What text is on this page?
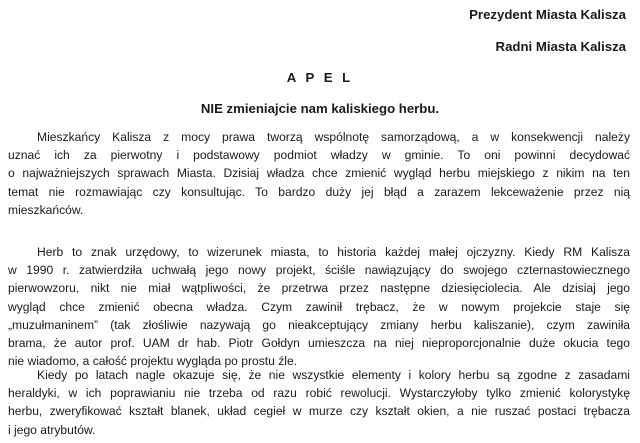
Prezydent Miasta Kalisza
Radni Miasta Kalisza
A P E L
NIE zmieniajcie nam kaliskiego herbu.
Mieszkańcy Kalisza z mocy prawa tworzą wspólnotę samorządową, a w konsekwencji należy
uznać ich za pierwotny i podstawowy podmiot władzy w gminie. To oni powinni decydować
o najważniejszych sprawach Miasta. Dzisiaj władza chce zmienić wygląd herbu miejskiego z nikim na ten
temat nie rozmawiając czy konsultując. To bardzo duży jej błąd a zarazem lekceważenie przez nią
mieszkańców.
Herb to znak urzędowy, to wizerunek miasta, to historia każdej małej ojczyzny. Kiedy RM Kalisza
w 1990 r. zatwierdziła uchwałą jego nowy projekt, ściśle nawiązujący do swojego czternastowiecznego
pierwowzoru, nikt nie miał wątpliwości, że przetrwa przez następne dziesięciolecia. Ale dzisiaj jego
wygląd chce zmienić obecna władza. Czym zawinił trębacz, że w nowym projekcie staje się
„muzułmaninem” (tak złośliwie nazywają go nieakceptujący zmiany herbu kaliszanie), czym zawiniła
brama, że autor prof. UAM dr hab. Piotr Gołdyn umieszcza na niej nieproporcjonalnie duże okucia tego
nie wiadomo, a całość projektu wygląda po prostu źle.
Kiedy po latach nagle okazuje się, że nie wszystkie elementy i kolory herbu są zgodne z zasadami
heraldyki, w ich poprawianiu nie trzeba od razu robić rewolucji. Wystarczyłoby tylko zmienić kolorystykę
herbu, zweryfikować kształt blanek, układ cegieł w murze czy kształt okien, a nie ruszać postaci trębacza
i jego atrybutów.
